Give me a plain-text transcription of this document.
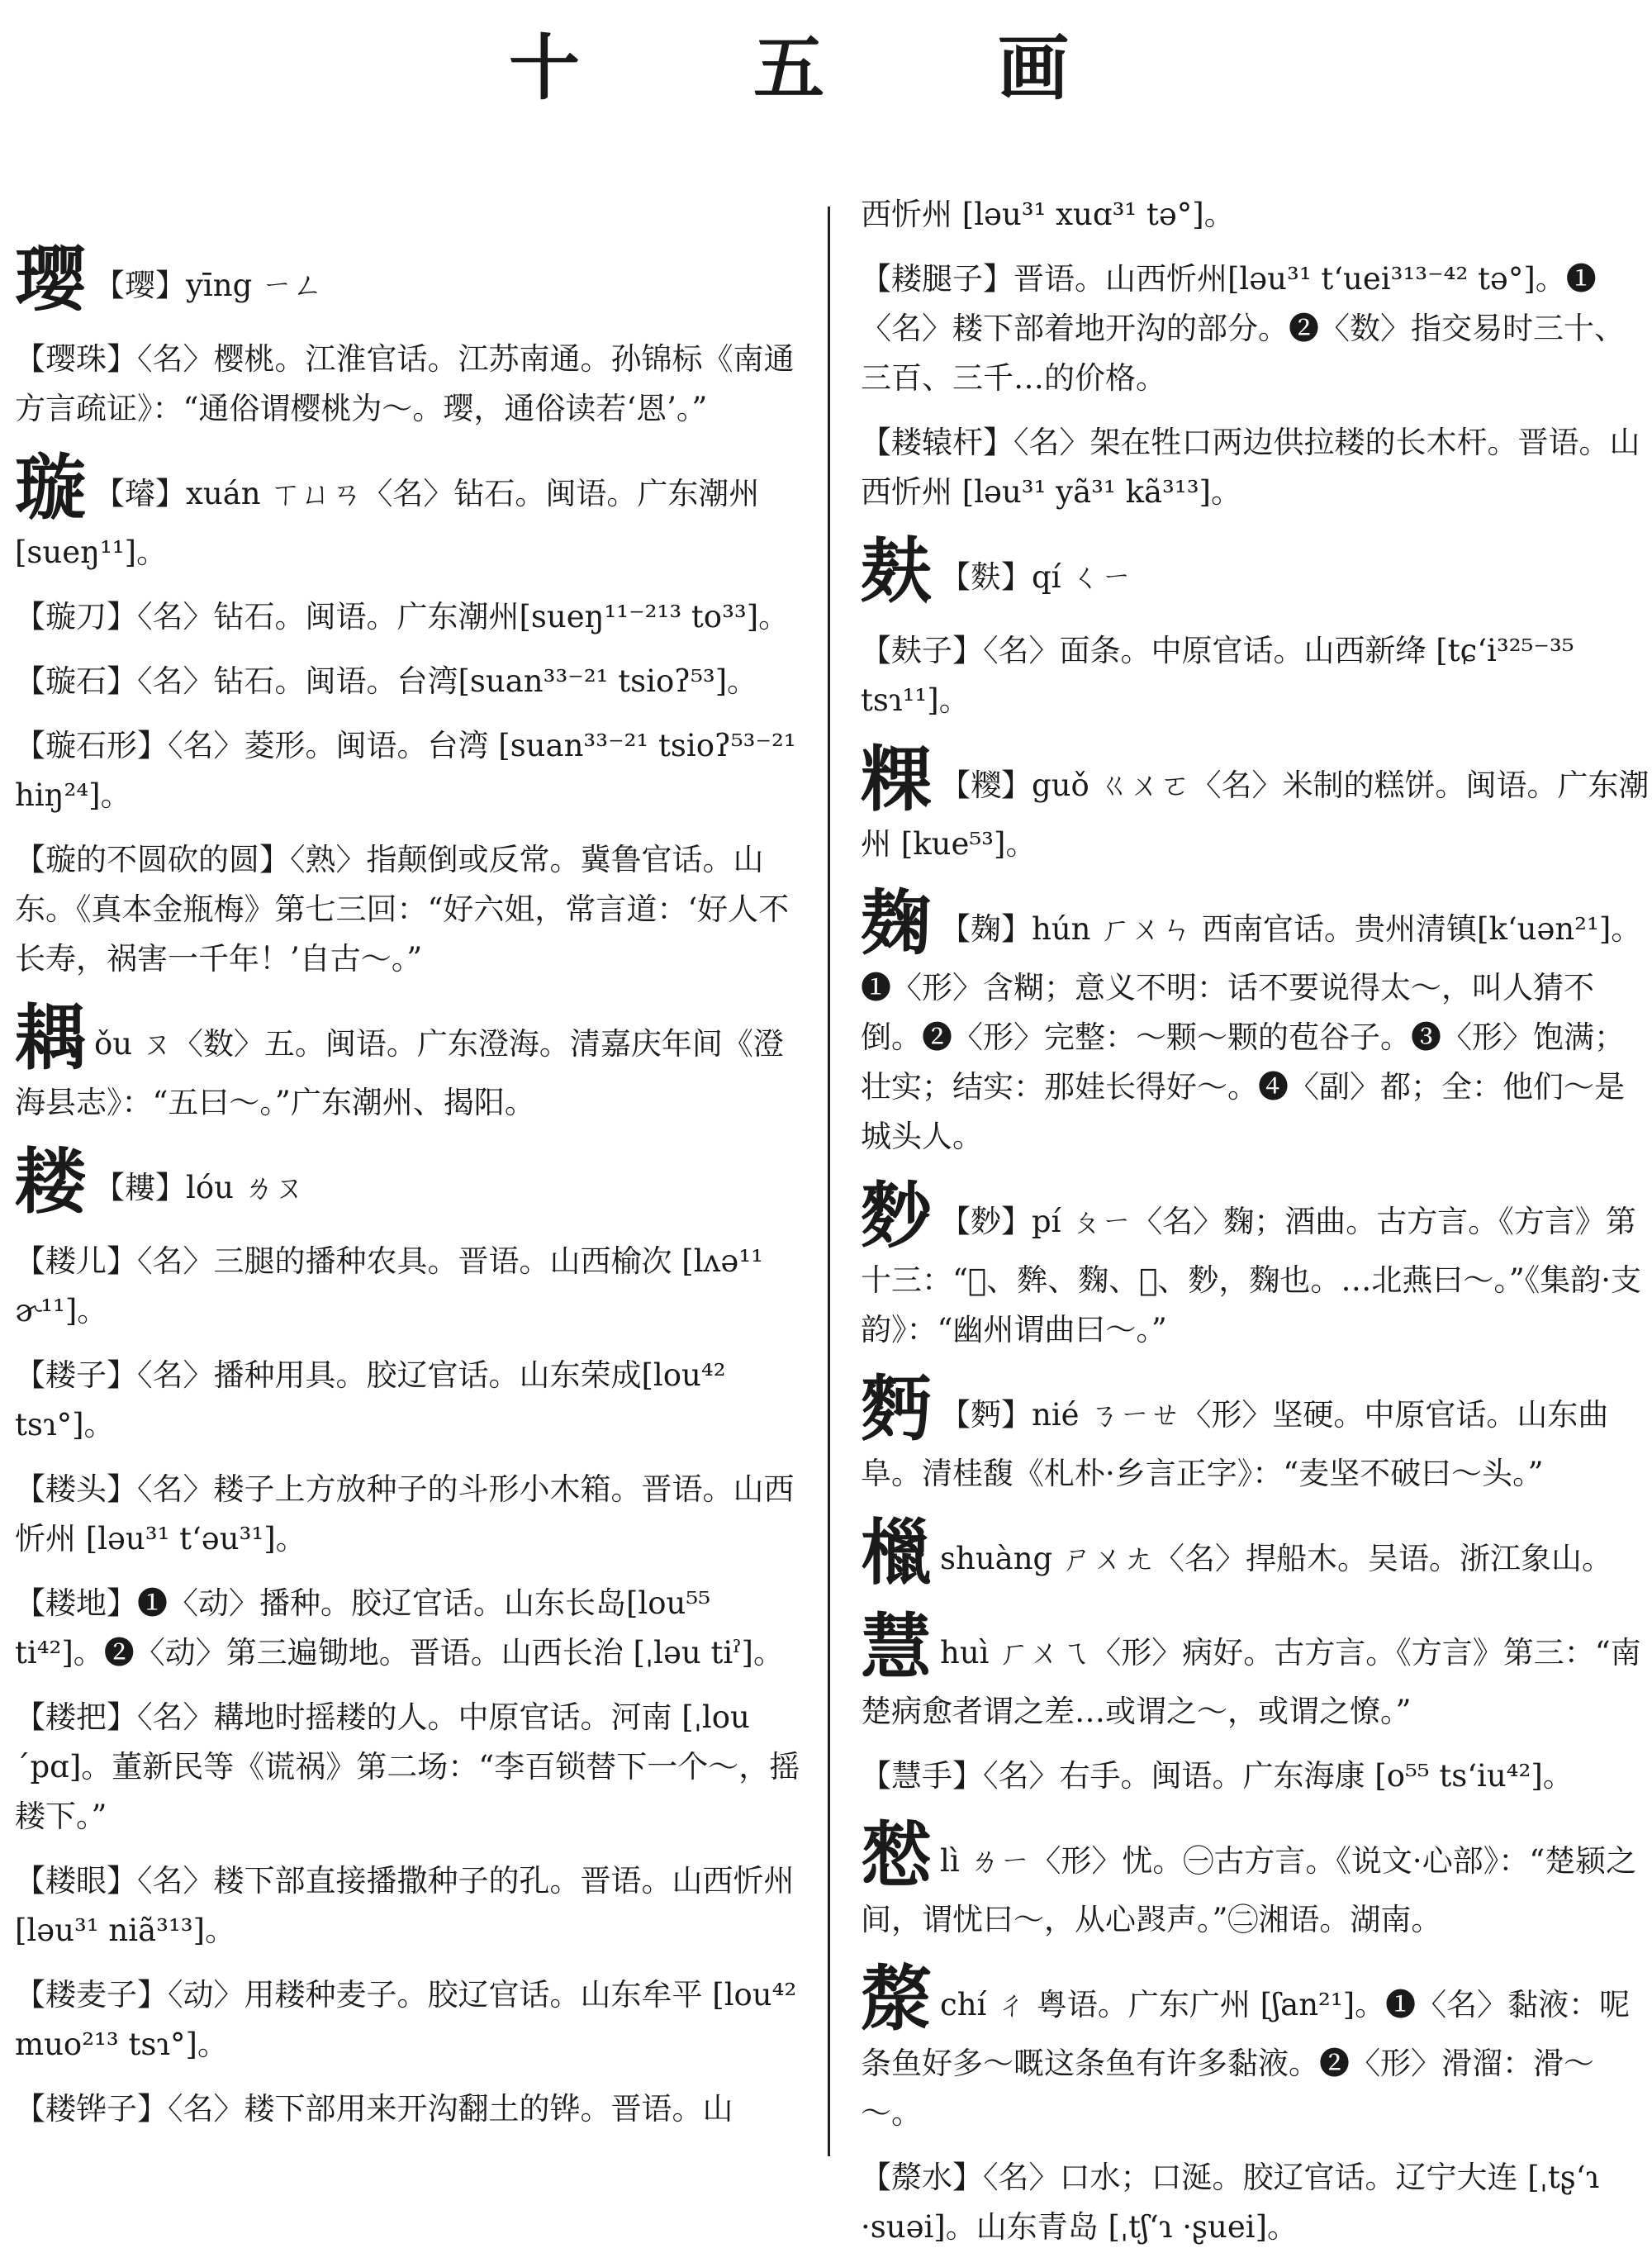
十 五 画
璎 【璎】yīng ㄧㄥ

【璎珠】〈名〉樱桃。江淮官话。江苏南通。孙锦标《南通方言疏证》：“通俗谓樱桃为～。璎，通俗读若‘恩’。”

璇 【璿】xuán ㄒㄩㄢ〈名〉钻石。闽语。广东潮州[sueŋ¹¹]。

【璇刀】〈名〉钻石。闽语。广东潮州[sueŋ¹¹⁻²¹³ to³³]。

【璇石】〈名〉钻石。闽语。台湾[suan³³⁻²¹ tsioʔ⁵³]。

【璇石形】〈名〉菱形。闽语。台湾 [suan³³⁻²¹ tsioʔ⁵³⁻²¹ hiŋ²⁴]。

【璇的不圆砍的圆】〈熟〉指颠倒或反常。冀鲁官话。山东。《真本金瓶梅》第七三回：“好六姐，常言道：‘好人不长寿，祸害一千年！’自古～。”

耦ǒu ㄡ〈数〉五。闽语。广东澄海。清嘉庆年间《澄海县志》：“五曰～。”广东潮州、揭阳。
耧 【耬】lóu ㄌㄡ

【耧儿】〈名〉三腿的播种农具。晋语。山西榆次 [lʌə¹¹ ɚ¹¹]。

【耧子】〈名〉播种用具。胶辽官话。山东荣成[lou⁴² tsɿ°]。

【耧头】〈名〉耧子上方放种子的斗形小木箱。晋语。山西忻州 [ləu³¹ tʻəu³¹]。

【耧地】❶〈动〉播种。胶辽官话。山东长岛[lou⁵⁵ ti⁴²]。❷〈动〉第三遍锄地。晋语。山西长治 [ˌləu tiˀ]。

【耧把】〈名〉耩地时摇耧的人。中原官话。河南 [ˌlou ˊpɑ]。董新民等《谎祸》第二场：“李百锁替下一个～，摇耧下。”

【耧眼】〈名〉耧下部直接播撒种子的孔。晋语。山西忻州 [ləu³¹ niã³¹³]。

【耧麦子】〈动〉用耧种麦子。胶辽官话。山东牟平 [lou⁴² muo²¹³ tsɿ°]。

【耧铧子】〈名〉耧下部用来开沟翻土的铧。晋语。山

西忻州 [ləu³¹ xuɑ³¹ tə°]。

【耧腿子】晋语。山西忻州[ləu³¹ tʻuei³¹³⁻⁴² tə°]。❶〈名〉耧下部着地开沟的部分。❷〈数〉指交易时三十、三百、三千…的价格。

【耧辕杆】〈名〉架在牲口两边供拉耧的长木杆。晋语。山西忻州 [ləu³¹ yã³¹ kã³¹³]。

麸 【麩】qí ㄑㄧ

【麸子】〈名〉面条。中原官话。山西新绛 [tɕʻi³²⁵⁻³⁵ tsɿ¹¹]。

粿 【糭】guǒ ㄍㄨㄛ〈名〉米制的糕饼。闽语。广东潮州 [kue⁵³]。
麹 【麹】hún ㄏㄨㄣ 西南官话。贵州清镇[kʻuən²¹]。❶〈形〉含糊；意义不明：话不要说得太～，叫人猜不倒。❷〈形〉完整：～颗～颗的苞谷子。❸〈形〉饱满；壮实；结实：那娃长得好～。❹〈副〉都；全：他们～是城头人。
麨 【麨】pí ㄆㄧ〈名〉麴；酒曲。古方言。《方言》第十三：“𪍮、麰、麴、𪌾、麨，麴也。…北燕曰～。”《集韵·支韵》：“幽州谓曲曰～。”
麪 【麪】nié ㄋㄧㄝ〈形〉坚硬。中原官话。山东曲阜。清桂馥《札朴·乡言正字》：“麦坚不破曰～头。”
㯿shuàng ㄕㄨㄤ〈名〉捍船木。吴语。浙江象山。
慧huì ㄏㄨㄟ〈形〉病好。古方言。《方言》第三：“南楚病愈者谓之差…或谓之～，或谓之憭。”

【慧手】〈名〉右手。闽语。广东海康 [o⁵⁵ tsʻiu⁴²]。

憖lì ㄌㄧ〈形〉忧。㊀古方言。《说文·心部》：“楚颍之间，谓忧曰～，从心𤕦声。”㊁湘语。湖南。
漦chí ㄔ 粤语。广东广州 [ʃan²¹]。❶〈名〉黏液：呢条鱼好多～嘅这条鱼有许多黏液。❷〈形〉滑溜：滑～～。

【漦水】〈名〉口水；口涎。胶辽官话。辽宁大连 [ˌtʂʻɿ ·suəi]。山东青岛 [ˌtʃʻɿ ·ʂuei]。
